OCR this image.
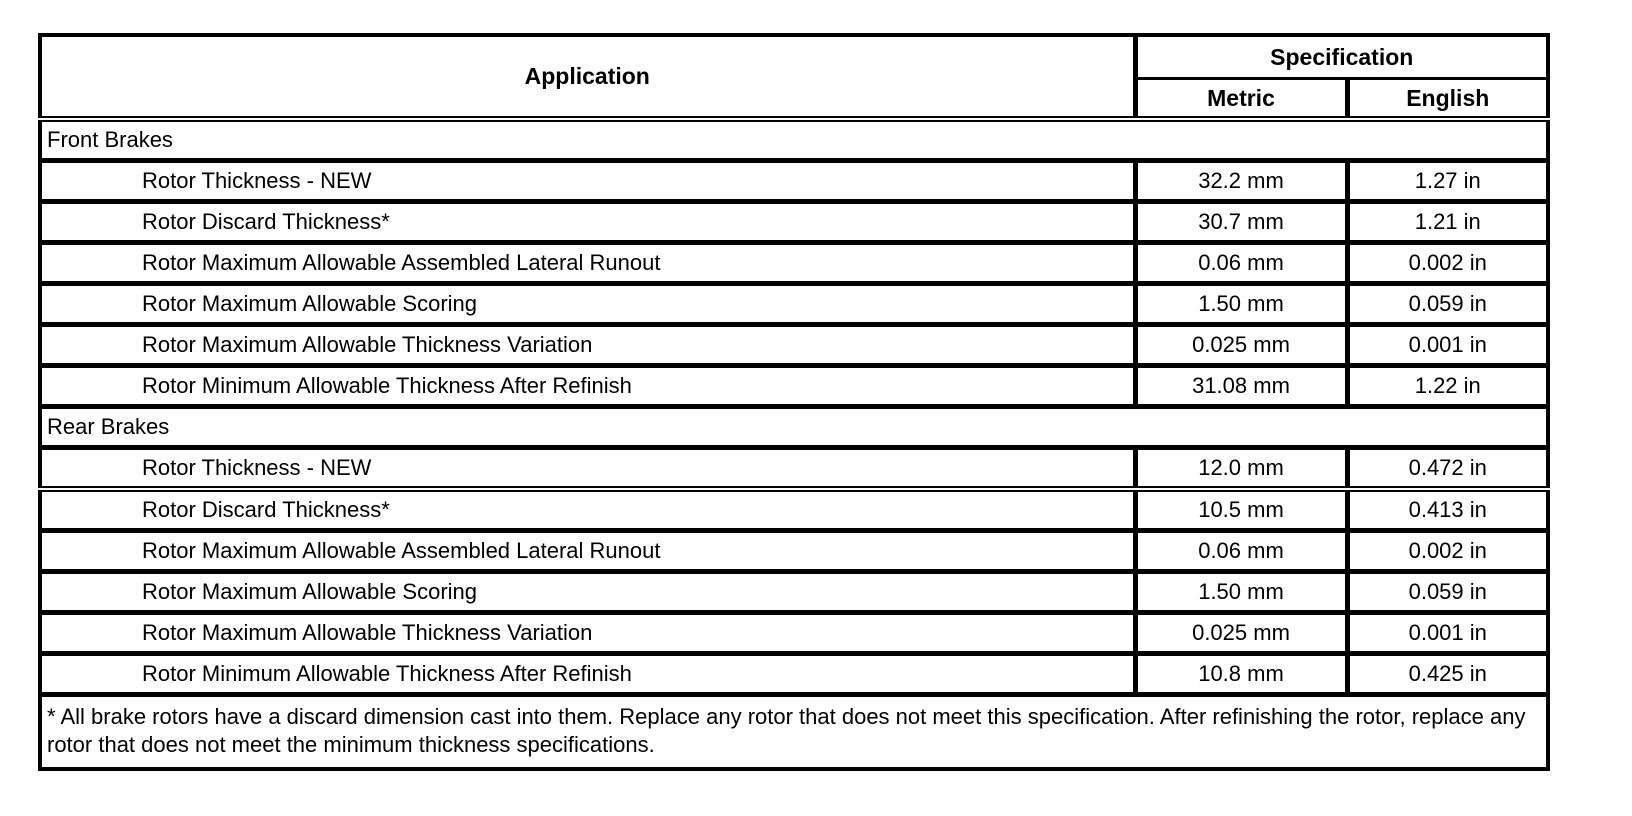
Application	Specification	
	Metric	English
Front Brakes		
Rotor Thickness - NEW	32.2 mm	1.27 in
Rotor Discard Thickness*	30.7 mm	1.21 in
Rotor Maximum Allowable Assembled Lateral Runout	0.06 mm	0.002 in
Rotor Maximum Allowable Scoring	1.50 mm	0.059 in
Rotor Maximum Allowable Thickness Variation	0.025 mm	0.001 in
Rotor Minimum Allowable Thickness After Refinish	31.08 mm	1.22 in
Rear Brakes		
Rotor Thickness - NEW	12.0 mm	0.472 in
Rotor Discard Thickness*	10.5 mm	0.413 in
Rotor Maximum Allowable Assembled Lateral Runout	0.06 mm	0.002 in
Rotor Maximum Allowable Scoring	1.50 mm	0.059 in
Rotor Maximum Allowable Thickness Variation	0.025 mm	0.001 in
Rotor Minimum Allowable Thickness After Refinish	10.8 mm	0.425 in
* All brake rotors have a discard dimension cast into them. Replace any rotor that does not meet this specification. After refinishing the rotor, replace any rotor that does not meet the minimum thickness specifications.		
